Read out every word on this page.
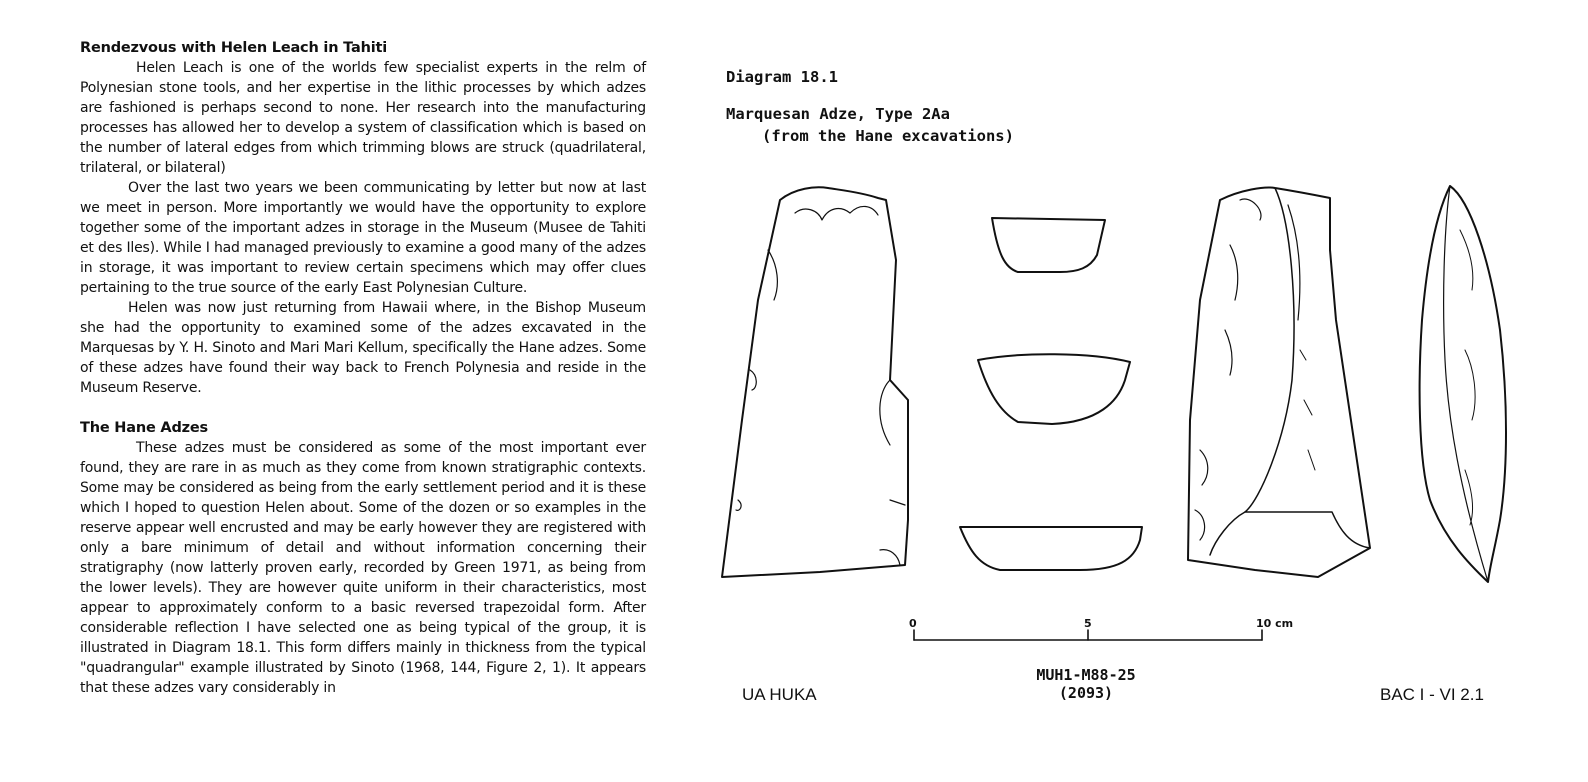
Rendezvous with Helen Leach in Tahiti

Helen Leach is one of the worlds few specialist experts in the relm of Polynesian stone tools, and her expertise in the lithic processes by which adzes are fashioned is perhaps second to none. Her research into the manufacturing processes has allowed her to develop a system of classification which is based on the number of lateral edges from which trimming blows are struck (quadrilateral, trilateral, or bilateral)

Over the last two years we been communicating by letter but now at last we meet in person. More importantly we would have the opportunity to explore together some of the important adzes in storage in the Museum (Musee de Tahiti et des Iles). While I had managed previously to examine a good many of the adzes in storage, it was important to review certain specimens which may offer clues pertaining to the true source of the early East Polynesian Culture.

Helen was now just returning from Hawaii where, in the Bishop Museum she had the opportunity to examined some of the adzes excavated in the Marquesas by Y. H. Sinoto and Mari Mari Kellum, specifically the Hane adzes. Some of these adzes have found their way back to French Polynesia and reside in the Museum Reserve.

The Hane Adzes

These adzes must be considered as some of the most important ever found, they are rare in as much as they come from known stratigraphic contexts. Some may be considered as being from the early settlement period and it is these which I hoped to question Helen about. Some of the dozen or so examples in the reserve appear well encrusted and may be early however they are registered with only a bare minimum of detail and without information concerning their stratigraphy (now latterly proven early, recorded by Green 1971, as being from the lower levels). They are however quite uniform in their characteristics, most appear to approximately conform to a basic reversed trapezoidal form. After considerable reflection I have selected one as being typical of the group, it is illustrated in Diagram 18.1. This form differs mainly in thickness from the typical "quadrangular" example illustrated by Sinoto (1968, 144, Figure 2, 1). It appears that these adzes vary considerably in

Diagram 18.1
Marquesan Adze, Type 2Aa
(from the Hane excavations)
0	5	10 cm
MUH1-M88-25
(2093)
UA HUKA	BAC I - VI 2.1
